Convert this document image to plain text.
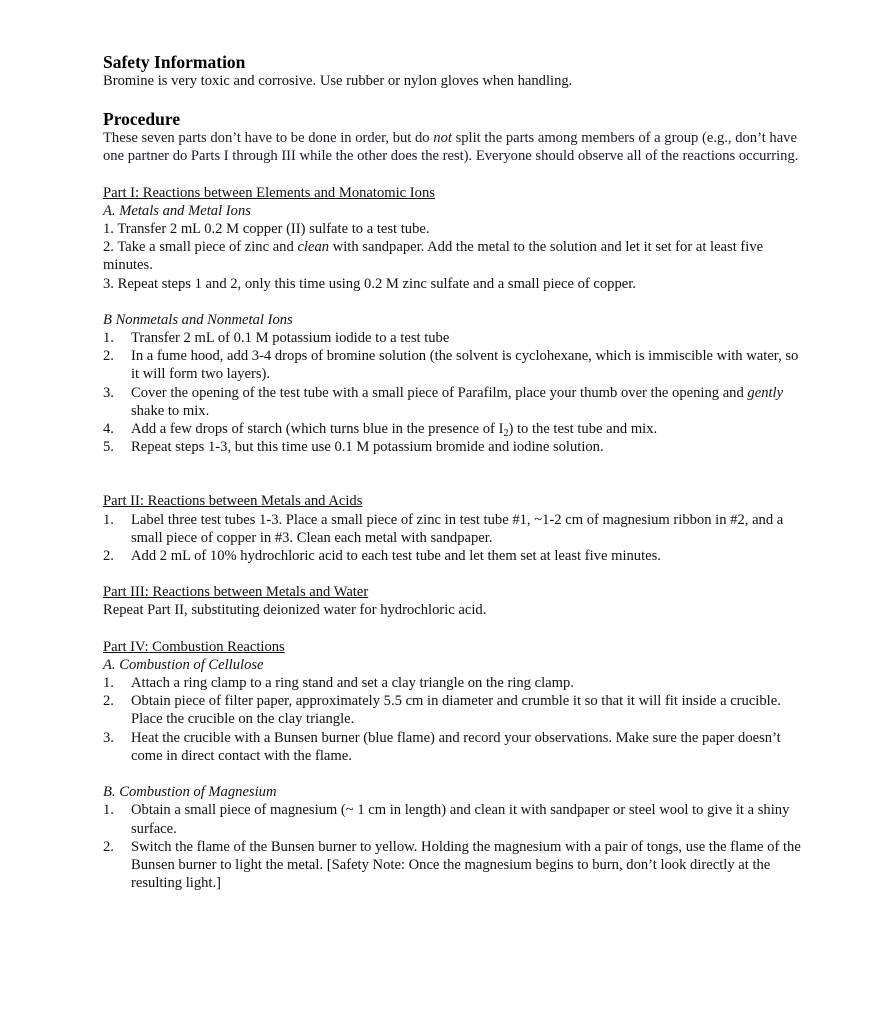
Safety Information

Bromine is very toxic and corrosive. Use rubber or nylon gloves when handling.

Procedure

These seven parts don’t have to be done in order, but do not split the parts among members of a group (e.g., don’t have one partner do Parts I through III while the other does the rest). Everyone should observe all of the reactions occurring.

Part I: Reactions between Elements and Monatomic Ions

A. Metals and Metal Ions

1. Transfer 2 mL 0.2 M copper (II) sulfate to a test tube.

2. Take a small piece of zinc and clean with sandpaper. Add the metal to the solution and let it set for at least five minutes.

3. Repeat steps 1 and 2, only this time using 0.2 M zinc sulfate and a small piece of copper.

B Nonmetals and Nonmetal Ions

1. Transfer 2 mL of 0.1 M potassium iodide to a test tube
2. In a fume hood, add 3-4 drops of bromine solution (the solvent is cyclohexane, which is immiscible with water, so it will form two layers).
3. Cover the opening of the test tube with a small piece of Parafilm, place your thumb over the opening and gently shake to mix.
4. Add a few drops of starch (which turns blue in the presence of $I_2$) to the test tube and mix.
5. Repeat steps 1-3, but this time use 0.1 M potassium bromide and iodine solution.

Part II: Reactions between Metals and Acids

1. Label three test tubes 1-3. Place a small piece of zinc in test tube #1, ~1-2 cm of magnesium ribbon in #2, and a small piece of copper in #3. Clean each metal with sandpaper.
2. Add 2 mL of 10% hydrochloric acid to each test tube and let them set at least five minutes.

Part III: Reactions between Metals and Water

Repeat Part II, substituting deionized water for hydrochloric acid.

Part IV: Combustion Reactions

A. Combustion of Cellulose

1. Attach a ring clamp to a ring stand and set a clay triangle on the ring clamp.
2. Obtain piece of filter paper, approximately 5.5 cm in diameter and crumble it so that it will fit inside a crucible. Place the crucible on the clay triangle.
3. Heat the crucible with a Bunsen burner (blue flame) and record your observations. Make sure the paper doesn’t come in direct contact with the flame.

B. Combustion of Magnesium

1. Obtain a small piece of magnesium (~ 1 cm in length) and clean it with sandpaper or steel wool to give it a shiny surface.
2. Switch the flame of the Bunsen burner to yellow. Holding the magnesium with a pair of tongs, use the flame of the Bunsen burner to light the metal. [Safety Note: Once the magnesium begins to burn, don’t look directly at the resulting light.]
